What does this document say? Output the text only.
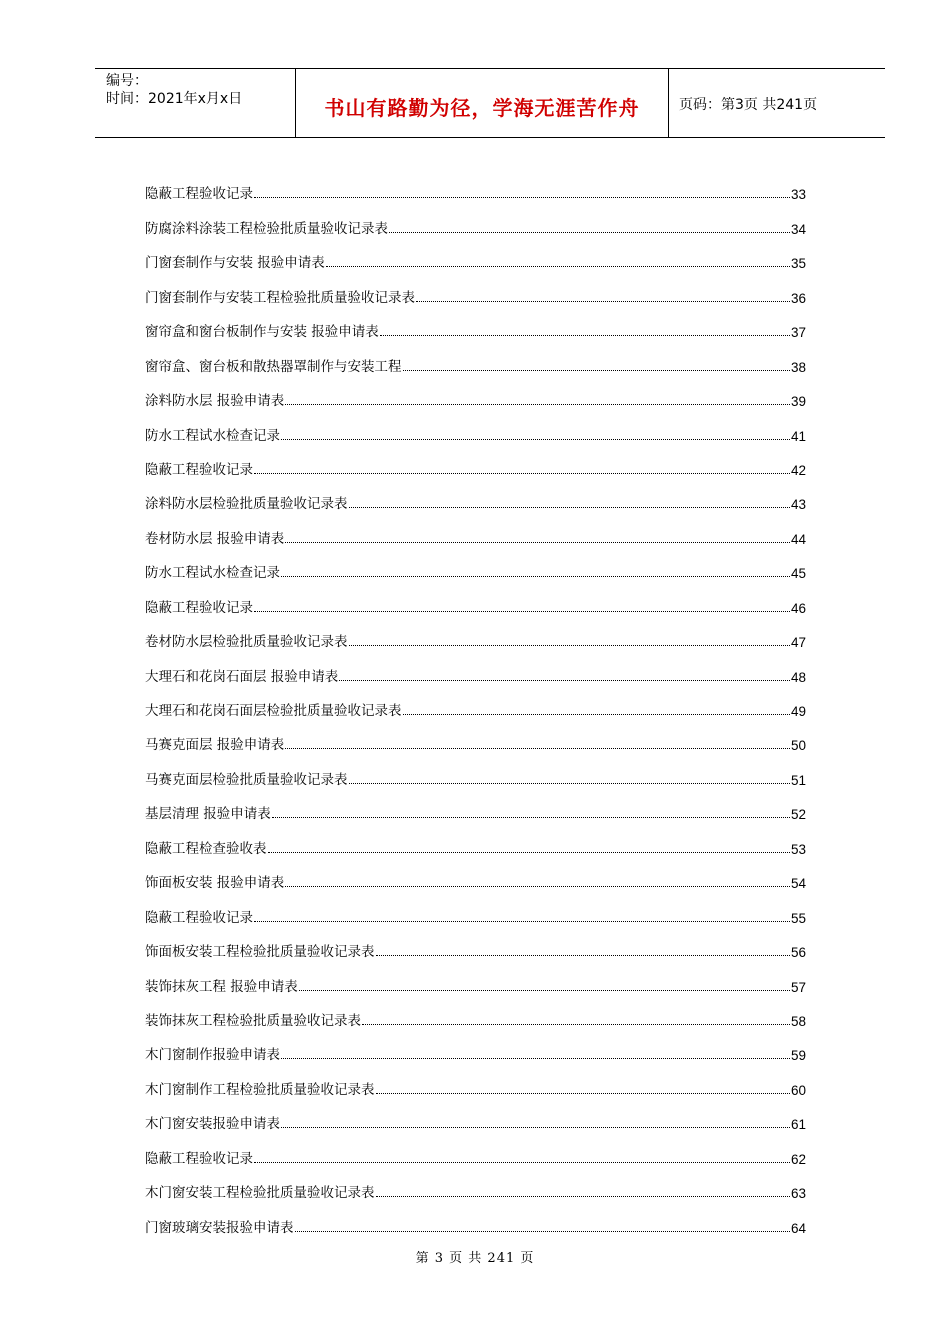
编号：
时间：2021年x月x日	书山有路勤为径，学海无涯苦作舟	页码：第3页 共241页
隐蔽工程验收记录	33
防腐涂料涂装工程检验批质量验收记录表	34
门窗套制作与安装 报验申请表	35
门窗套制作与安装工程检验批质量验收记录表	36
窗帘盒和窗台板制作与安装 报验申请表	37
窗帘盒、窗台板和散热器罩制作与安装工程	38
涂料防水层 报验申请表	39
防水工程试水检查记录	41
隐蔽工程验收记录	42
涂料防水层检验批质量验收记录表	43
卷材防水层 报验申请表	44
防水工程试水检查记录	45
隐蔽工程验收记录	46
卷材防水层检验批质量验收记录表	47
大理石和花岗石面层 报验申请表	48
大理石和花岗石面层检验批质量验收记录表	49
马赛克面层 报验申请表	50
马赛克面层检验批质量验收记录表	51
基层清理 报验申请表	52
隐蔽工程检查验收表	53
饰面板安装 报验申请表	54
隐蔽工程验收记录	55
饰面板安装工程检验批质量验收记录表	56
装饰抹灰工程 报验申请表	57
装饰抹灰工程检验批质量验收记录表	58
木门窗制作报验申请表	59
木门窗制作工程检验批质量验收记录表	60
木门窗安装报验申请表	61
隐蔽工程验收记录	62
木门窗安装工程检验批质量验收记录表	63
门窗玻璃安装报验申请表	64
第 3 页 共 241 页
